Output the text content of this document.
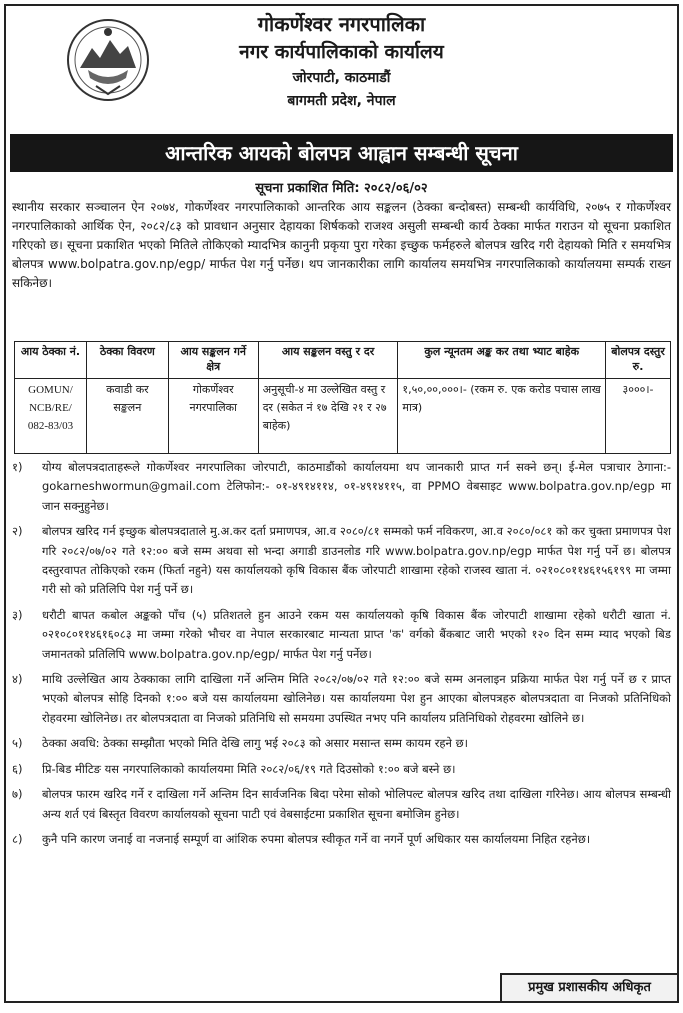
गोकर्णेश्वर नगरपालिका
नगर कार्यपालिकाको कार्यालय
जोरपाटी, काठमाडौं
बागमती प्रदेश, नेपाल
आन्तरिक आयको बोलपत्र आह्वान सम्बन्धी सूचना
सूचना प्रकाशित मिति: २०८२/०६/०२
स्थानीय सरकार सञ्चालन ऐन २०७४, गोकर्णेश्वर नगरपालिकाको आन्तरिक आय सङ्कलन (ठेक्का बन्दोबस्त) सम्बन्धी कार्यविधि, २०७५ र गोकर्णेश्वर नगरपालिकाको आर्थिक ऐन, २०८२/८३ को प्रावधान अनुसार देहायका शिर्षकको राजश्व असुली सम्बन्धी कार्य ठेक्का मार्फत गराउन यो सूचना प्रकाशित गरिएको छ। सूचना प्रकाशित भएको मितिले तोकिएको म्यादभित्र कानुनी प्रकृया पुरा गरेका इच्छुक फर्महरुले बोलपत्र खरिद गरी देहायको मिति र समयभित्र बोलपत्र www.bolpatra.gov.np/egp/ मार्फत पेश गर्नु पर्नेछ। थप जानकारीका लागि कार्यालय समयभित्र नगरपालिकाको कार्यालयमा सम्पर्क राख्न सकिनेछ।
आय ठेक्का नं.	ठेक्का विवरण	आय सङ्कलन गर्ने क्षेत्र	आय सङ्कलन वस्तु र दर	कुल न्यूनतम अङ्क कर तथा भ्याट बाहेक	बोलपत्र दस्तुर रु.
GOMUN/ NCB/RE/ 082-83/03	कवाडी कर सङ्कलन	गोकर्णेश्वर नगरपालिका	अनुसूची-४ मा उल्लेखित वस्तु र दर (सकेत नं १७ देखि २१ र २७ बाहेक)	१,५०,००,०००।- (रकम रु. एक करोड पचास लाख मात्र)	३०००।-
१)	योग्य बोलपत्रदाताहरूले गोकर्णेश्वर नगरपालिका जोरपाटी, काठमाडौंको कार्यालयमा थप जानकारी प्राप्त गर्न सक्ने छन्। ई-मेल पत्राचार ठेगाना:- gokarneshwormun@gmail.com टेलिफोन:- ०१-४९१४११४, ०१-४९१४११५, वा PPMO वेबसाइट www.bolpatra.gov.np/egp मा जान सक्नुहुनेछ।
२)	बोलपत्र खरिद गर्न इच्छुक बोलपत्रदाताले मु.अ.कर दर्ता प्रमाणपत्र, आ.व २०८०/८१ सम्मको फर्म नविकरण, आ.व २०८०/०८१ को कर चुक्ता प्रमाणपत्र पेश गरि २०८२/०७/०२ गते १२:०० बजे सम्म अथवा सो भन्दा अगाडी डाउनलोड गरि www.bolpatra.gov.np/egp मार्फत पेश गर्नु पर्ने छ। बोलपत्र दस्तुरवापत तोकिएको रकम (फिर्ता नहुने) यस कार्यालयको कृषि विकास बैंक जोरपाटी शाखामा रहेको राजस्व खाता नं. ०२१०८०११४६१५६१९९ मा जम्मा गरी सो को प्रतिलिपि पेश गर्नु पर्ने छ।
३)	धरौटी बापत कबोल अङ्कको पाँच (५) प्रतिशतले हुन आउने रकम यस कार्यालयको कृषि विकास बैंक जोरपाटी शाखामा रहेको धरौटी खाता नं. ०२१०८०११४६१६०८३ मा जम्मा गरेको भौचर वा नेपाल सरकारबाट मान्यता प्राप्त 'क' वर्गको बैंकबाट जारी भएको १२० दिन सम्म म्याद भएको बिड जमानतको प्रतिलिपि www.bolpatra.gov.np/egp/ मार्फत पेश गर्नु पर्नेछ।
४)	माथि उल्लेखित आय ठेक्काका लागि दाखिला गर्ने अन्तिम मिति २०८२/०७/०२ गते १२:०० बजे सम्म अनलाइन प्रक्रिया मार्फत पेश गर्नु पर्ने छ र प्राप्त भएको बोलपत्र सोहि दिनको १:०० बजे यस कार्यालयमा खोलिनेछ। यस कार्यालयमा पेश हुन आएका बोलपत्रहरु बोलपत्रदाता वा निजको प्रतिनिधिको रोहवरमा खोलिनेछ। तर बोलपत्रदाता वा निजको प्रतिनिधि सो समयमा उपस्थित नभए पनि कार्यालय प्रतिनिधिको रोहवरमा खोलिने छ।
५)	ठेक्का अवधि: ठेक्का सम्झौता भएको मिति देखि लागु भई २०८३ को असार मसान्त सम्म कायम रहने छ।
६)	प्रि-बिड मीटिङ यस नगरपालिकाको कार्यालयमा मिति २०८२/०६/१९ गते दिउसोको १:०० बजे बस्ने छ।
७)	बोलपत्र फारम खरिद गर्ने र दाखिला गर्ने अन्तिम दिन सार्वजनिक बिदा परेमा सोको भोलिपल्ट बोलपत्र खरिद तथा दाखिला गरिनेछ। आय बोलपत्र सम्बन्धी अन्य शर्त एवं बिस्तृत विवरण कार्यालयको सूचना पाटी एवं वेबसाईटमा प्रकाशित सूचना बमोजिम हुनेछ।
८)	कुनै पनि कारण जनाई वा नजनाई सम्पूर्ण वा आंशिक रुपमा बोलपत्र स्वीकृत गर्ने वा नगर्ने पूर्ण अधिकार यस कार्यालयमा निहित रहनेछ।
प्रमुख प्रशासकीय अधिकृत
